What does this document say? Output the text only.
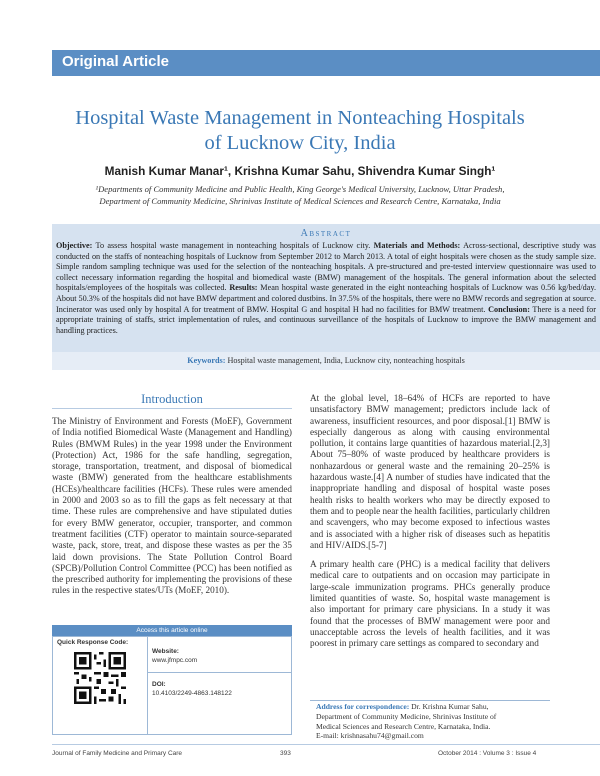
Original Article
Hospital Waste Management in Nonteaching Hospitals
of Lucknow City, India
Manish Kumar Manar¹, Krishna Kumar Sahu, Shivendra Kumar Singh¹
¹Departments of Community Medicine and Public Health, King George's Medical University, Lucknow, Uttar Pradesh,
Department of Community Medicine, Shrinivas Institute of Medical Sciences and Research Centre, Karnataka, India
Abstract
Objective: To assess hospital waste management in nonteaching hospitals of Lucknow city. Materials and Methods: Across-sectional, descriptive study was conducted on the staffs of nonteaching hospitals of Lucknow from September 2012 to March 2013. A total of eight hospitals were chosen as the study sample size. Simple random sampling technique was used for the selection of the nonteaching hospitals. A pre-structured and pre-tested interview questionnaire was used to collect necessary information regarding the hospital and biomedical waste (BMW) management of the hospitals. The general information about the selected hospitals/employees of the hospitals was collected. Results: Mean hospital waste generated in the eight nonteaching hospitals of Lucknow was 0.56 kg/bed/day. About 50.3% of the hospitals did not have BMW department and colored dustbins. In 37.5% of the hospitals, there were no BMW records and segregation at source. Incinerator was used only by hospital A for treatment of BMW. Hospital G and hospital H had no facilities for BMW treatment. Conclusion: There is a need for appropriate training of staffs, strict implementation of rules, and continuous surveillance of the hospitals of Lucknow to improve the BMW management and handling practices.
Keywords: Hospital waste management, India, Lucknow city, nonteaching hospitals
Introduction

The Ministry of Environment and Forests (MoEF), Government of India notified Biomedical Waste (Management and Handling) Rules (BMWM Rules) in the year 1998 under the Environment (Protection) Act, 1986 for the safe handling, segregation, storage, transportation, treatment, and disposal of biomedical waste (BMW) generated from the healthcare establishments (HCEs)/healthcare facilities (HCFs). These rules were amended in 2000 and 2003 so as to fill the gaps as felt necessary at that time. These rules are comprehensive and have stipulated duties for every BMW generator, occupier, transporter, and common treatment facilities (CTF) operator to maintain source-separated waste, pack, store, treat, and dispose these wastes as per the 35 laid down provisions. The State Pollution Control Board (SPCB)/Pollution Control Committee (PCC) has been notified as the prescribed authority for implementing the provisions of these rules in the respective states/UTs (MoEF, 2010).

At the global level, 18–64% of HCFs are reported to have unsatisfactory BMW management; predictors include lack of awareness, insufficient resources, and poor disposal.[1] BMW is especially dangerous as along with causing environmental pollution, it contains large quantities of hazardous material.[2,3] About 75–80% of waste produced by healthcare providers is nonhazardous or general waste and the remaining 20–25% is hazardous waste.[4] A number of studies have indicated that the inappropriate handling and disposal of hospital waste poses health risks to health workers who may be directly exposed to them and to people near the health facilities, particularly children and scavengers, who may become exposed to infectious wastes and is associated with a higher risk of diseases such as hepatitis and HIV/AIDS.[5-7]

A primary health care (PHC) is a medical facility that delivers medical care to outpatients and on occasion may participate in large-scale immunization programs. PHCs generally produce limited quantities of waste. So, hospital waste management is also important for primary care physicians. In a study it was found that the processes of BMW management were poor and unacceptable across the levels of health facilities, and it was poorest in primary care settings as compared to secondary and

Access this article online
Quick Response Code:
Website:
www.jfmpc.com
DOI:
10.4103/2249-4863.148122
Address for correspondence: Dr. Krishna Kumar Sahu,
Department of Community Medicine, Shrinivas Institute of
Medical Sciences and Research Centre, Karnataka, India.
E-mail: krishnasahu74@gmail.com
Journal of Family Medicine and Primary Care	393	October 2014 : Volume 3 : Issue 4
